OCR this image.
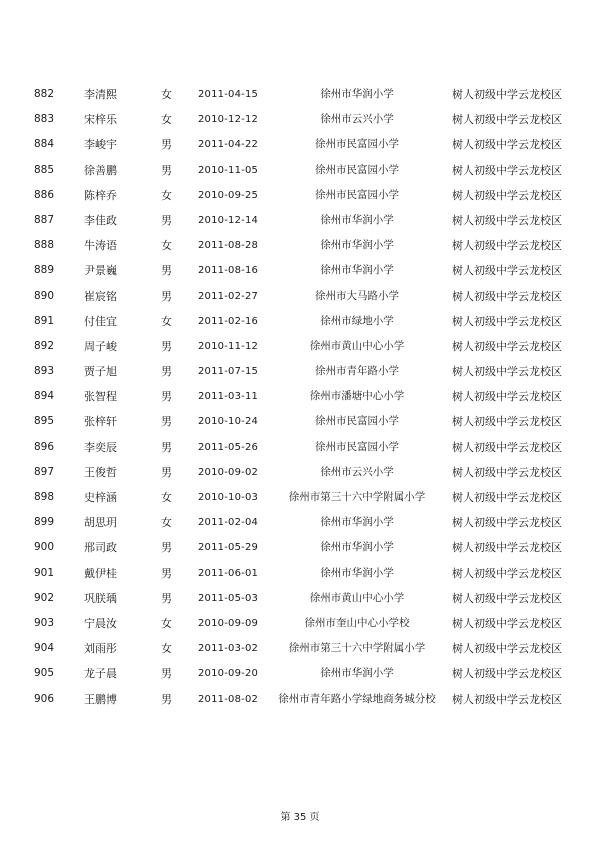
882	李清熙	女	2011-04-15	徐州市华润小学	树人初级中学云龙校区
883	宋梓乐	女	2010-12-12	徐州市云兴小学	树人初级中学云龙校区
884	李峻宇	男	2011-04-22	徐州市民富园小学	树人初级中学云龙校区
885	徐善鹏	男	2010-11-05	徐州市民富园小学	树人初级中学云龙校区
886	陈梓乔	女	2010-09-25	徐州市民富园小学	树人初级中学云龙校区
887	李佳政	男	2010-12-14	徐州市华润小学	树人初级中学云龙校区
888	牛涛语	女	2011-08-28	徐州市华润小学	树人初级中学云龙校区
889	尹景巍	男	2011-08-16	徐州市华润小学	树人初级中学云龙校区
890	崔宸铭	男	2011-02-27	徐州市大马路小学	树人初级中学云龙校区
891	付佳宜	女	2011-02-16	徐州市绿地小学	树人初级中学云龙校区
892	周子峻	男	2010-11-12	徐州市黄山中心小学	树人初级中学云龙校区
893	贾子旭	男	2011-07-15	徐州市青年路小学	树人初级中学云龙校区
894	张智程	男	2011-03-11	徐州市潘塘中心小学	树人初级中学云龙校区
895	张梓轩	男	2010-10-24	徐州市民富园小学	树人初级中学云龙校区
896	李奕辰	男	2011-05-26	徐州市民富园小学	树人初级中学云龙校区
897	王俊哲	男	2010-09-02	徐州市云兴小学	树人初级中学云龙校区
898	史梓涵	女	2010-10-03	徐州市第三十六中学附属小学	树人初级中学云龙校区
899	胡思玥	女	2011-02-04	徐州市华润小学	树人初级中学云龙校区
900	邢司政	男	2011-05-29	徐州市华润小学	树人初级中学云龙校区
901	戴伊桂	男	2011-06-01	徐州市华润小学	树人初级中学云龙校区
902	巩朕瑀	男	2011-05-03	徐州市黄山中心小学	树人初级中学云龙校区
903	宁晨汝	女	2010-09-09	徐州市奎山中心小学校	树人初级中学云龙校区
904	刘雨彤	女	2011-03-02	徐州市第三十六中学附属小学	树人初级中学云龙校区
905	龙子晨	男	2010-09-20	徐州市华润小学	树人初级中学云龙校区
906	王鹏博	男	2011-08-02	徐州市青年路小学绿地商务城分校	树人初级中学云龙校区
第 35 页
